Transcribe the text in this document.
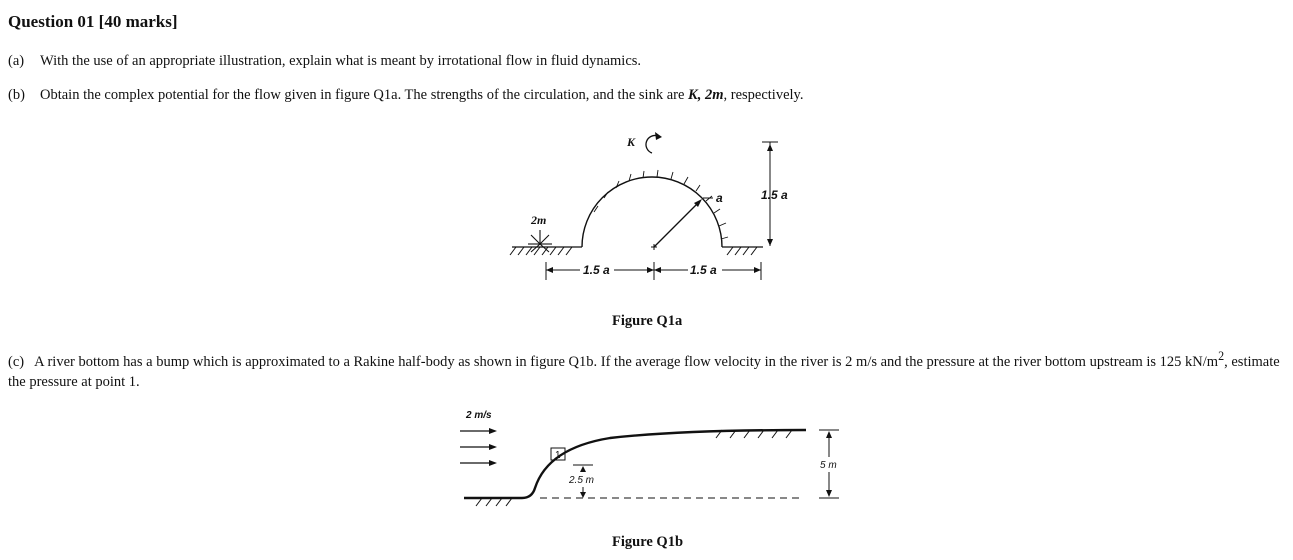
Question 01 [40 marks]
(a) With the use of an appropriate illustration, explain what is meant by irrotational flow in fluid dynamics.
(b) Obtain the complex potential for the flow given in figure Q1a. The strengths of the circulation, and the sink are K, 2m, respectively.
K
2m
a	1.5 a
1.5 a	1.5 a
Figure Q1a
(c) A river bottom has a bump which is approximated to a Rakine half-body as shown in figure Q1b. If the average flow velocity in the river is 2 m/s and the pressure at the river bottom upstream is 125 $kN/m^2$, estimate the pressure at point 1.
2 m/s
1
2.5 m
5 m
Figure Q1b
